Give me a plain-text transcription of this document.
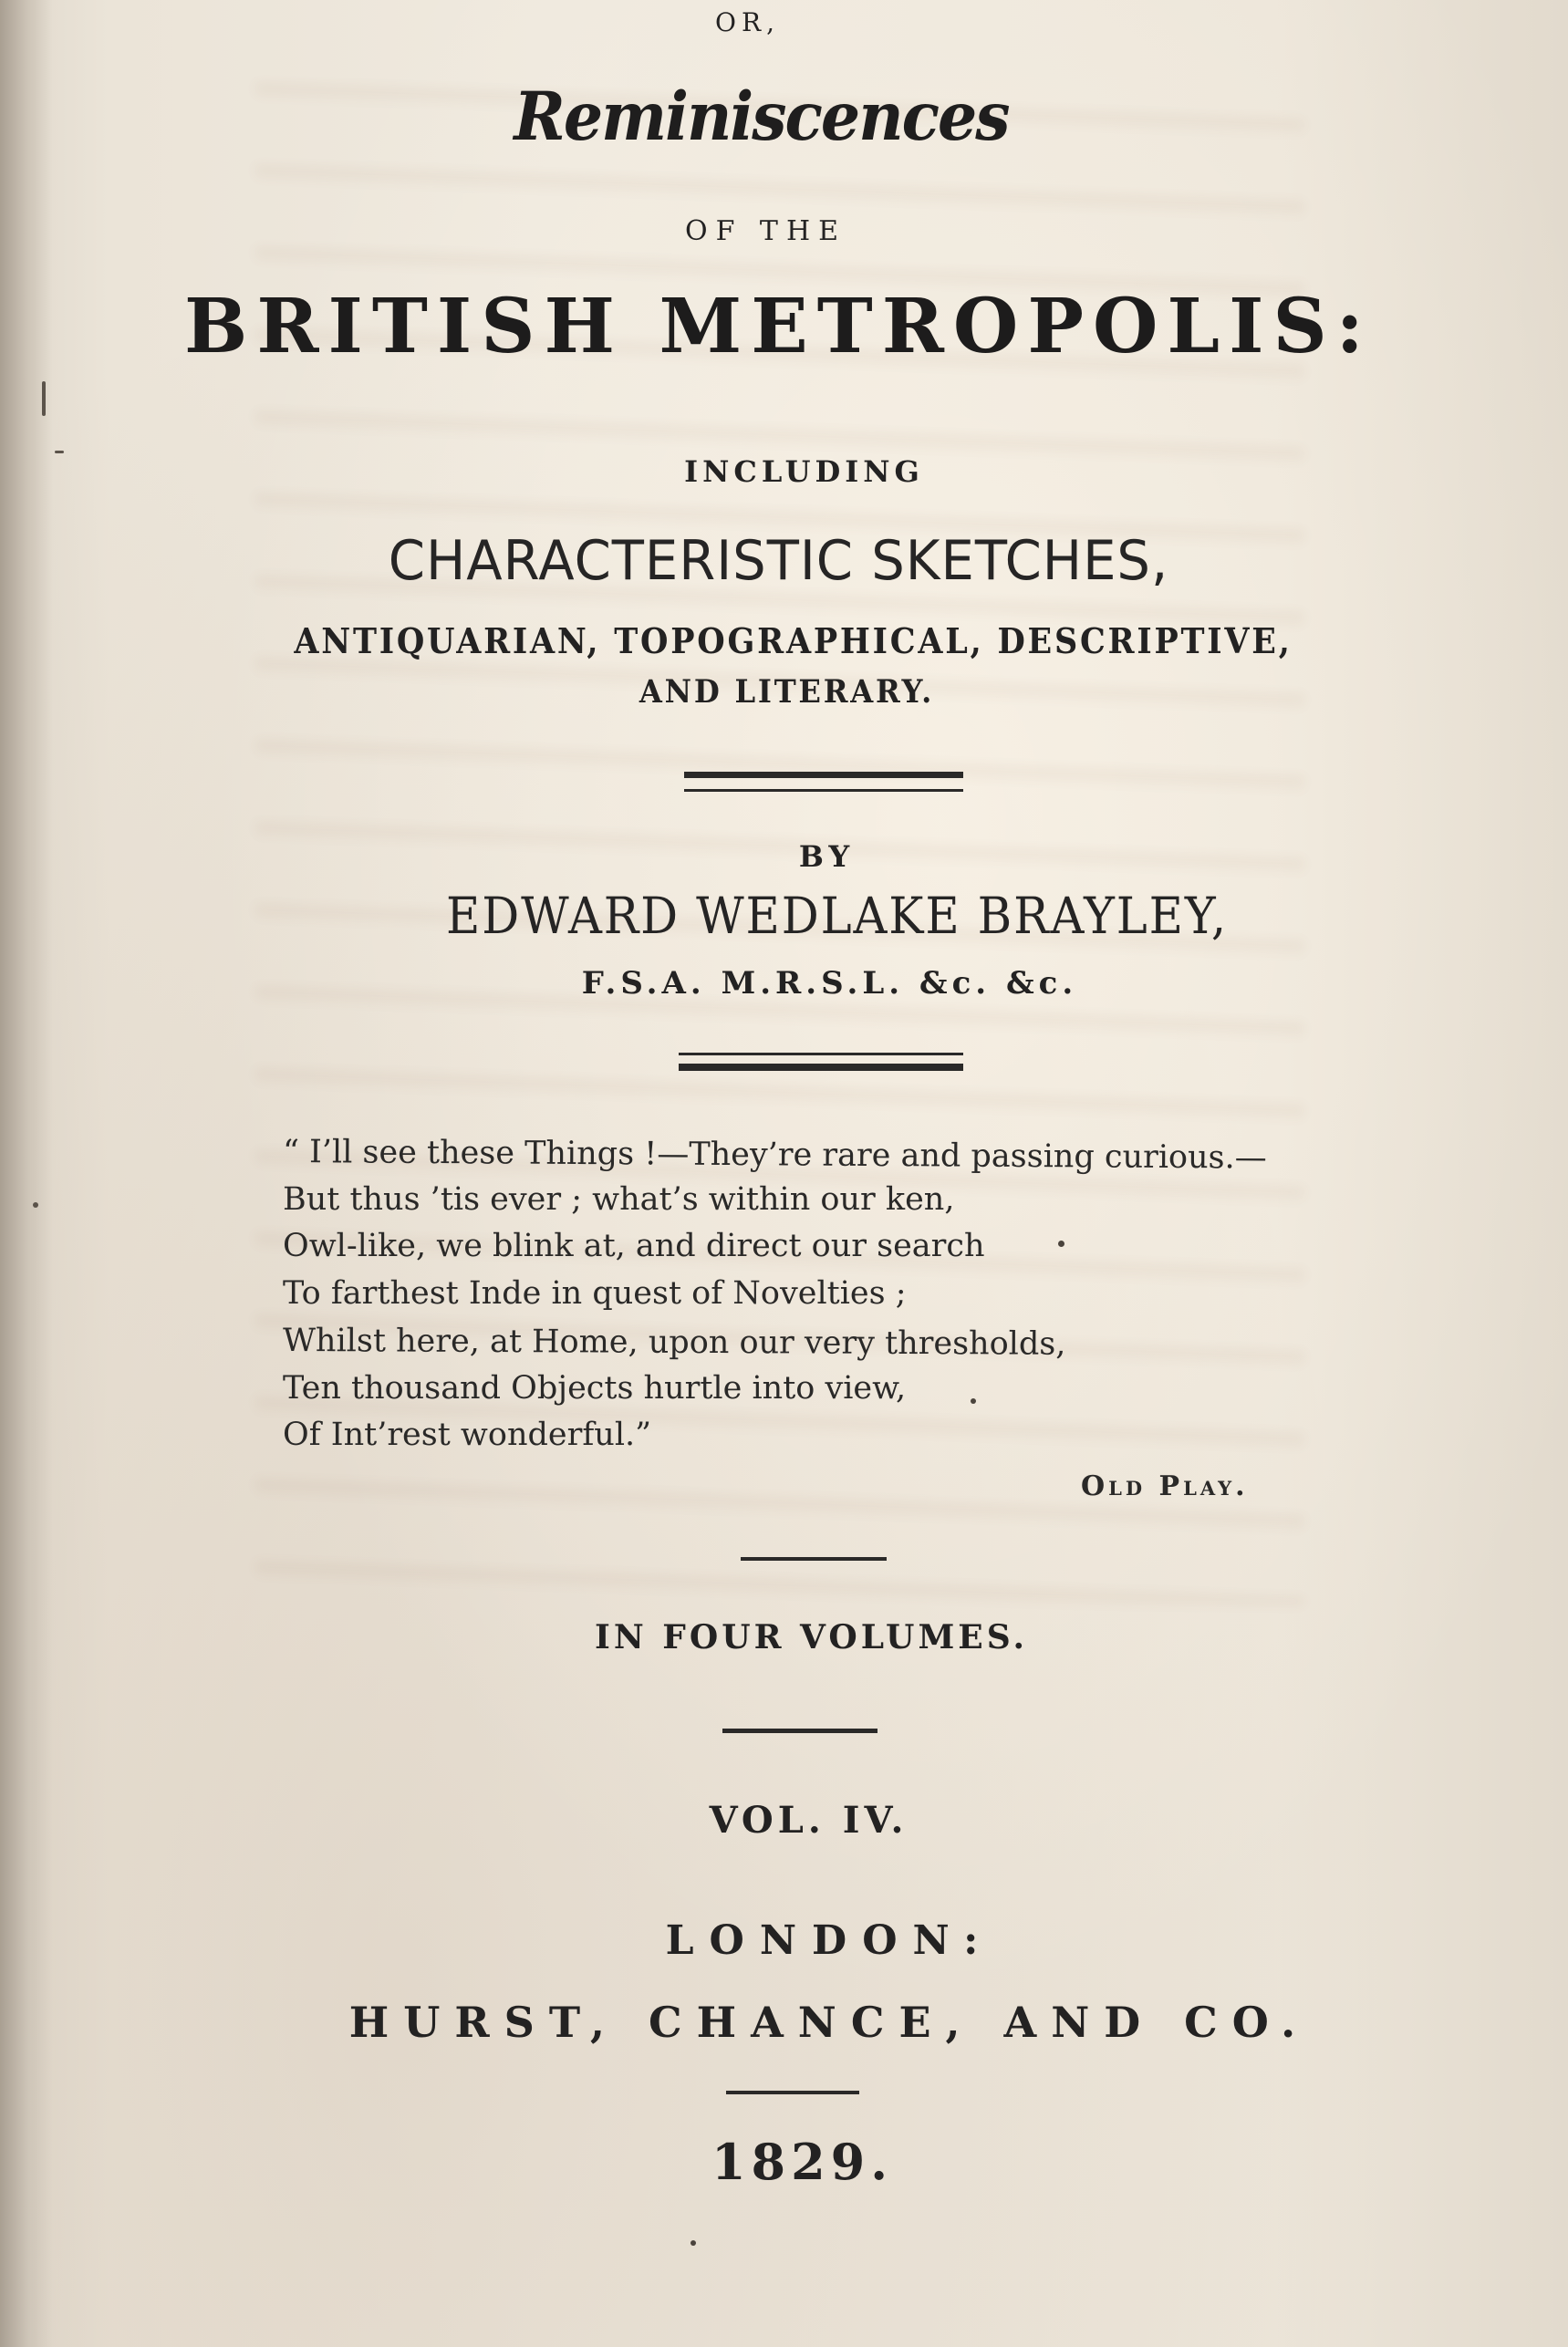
OR,
Reminiscences
OF THE
BRITISH METROPOLIS:
INCLUDING
CHARACTERISTIC SKETCHES,
ANTIQUARIAN, TOPOGRAPHICAL, DESCRIPTIVE,
AND LITERARY.
BY
EDWARD WEDLAKE BRAYLEY,
F.S.A. M.R.S.L. &c. &c.
“ I’ll see these Things !—They’re rare and passing curious.—
But thus ’tis ever ; what’s within our ken,
Owl-like, we blink at, and direct our search
To farthest Inde in quest of Novelties ;
Whilst here, at Home, upon our very thresholds,
Ten thousand Objects hurtle into view,
Of Int’rest wonderful.”
Old Play.
IN FOUR VOLUMES.
VOL. IV.
LONDON:
HURST, CHANCE, AND CO.
1829.
